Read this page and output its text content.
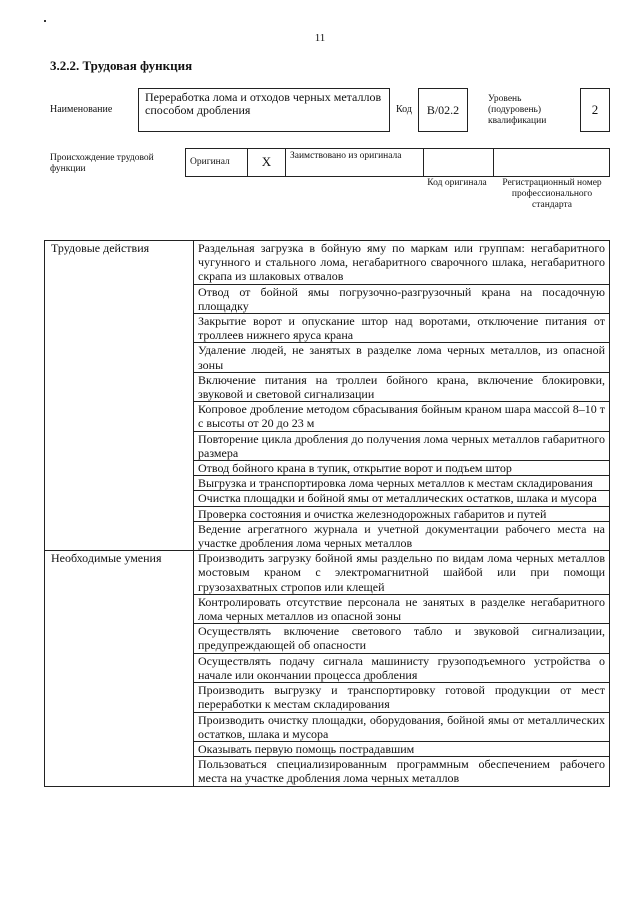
11
3.2.2. Трудовая функция
Наименование
Переработка лома и отходов черных металлов способом дробления	Код	B/02.2
Уровень (подуровень) квалификации
2
Происхождение трудовой функции
Оригинал	X	Заимствовано из оригинала		
Код оригинала	Регистрационный номер профессионального стандарта
Трудовые действия	Раздельная загрузка в бойную яму по маркам или группам: негабаритного чугунного и стального лома, негабаритного сварочного шлака, негабаритного скрапа из шлаковых отвалов
	Отвод от бойной ямы погрузочно-разгрузочный крана на посадочную площадку
	Закрытие ворот и опускание штор над воротами, отключение питания от троллеев нижнего яруса крана
	Удаление людей, не занятых в разделке лома черных металлов, из опасной зоны
	Включение питания на троллеи бойного крана, включение блокировки, звуковой и световой сигнализации
	Копровое дробление методом сбрасывания бойным краном шара массой 8–10 т с высоты от 20 до 23 м
	Повторение цикла дробления до получения лома черных металлов габаритного размера
	Отвод бойного крана в тупик, открытие ворот и подъем штор
	Выгрузка и транспортировка лома черных металлов к местам складирования
	Очистка площадки и бойной ямы от металлических остатков, шлака и мусора
	Проверка состояния и очистка железнодорожных габаритов и путей
	Ведение агрегатного журнала и учетной документации рабочего места на участке дробления лома черных металлов
Необходимые умения	Производить загрузку бойной ямы раздельно по видам лома черных металлов мостовым краном с электромагнитной шайбой или при помощи грузозахватных стропов или клещей
	Контролировать отсутствие персонала не занятых в разделке негабаритного лома черных металлов из опасной зоны
	Осуществлять включение светового табло и звуковой сигнализации, предупреждающей об опасности
	Осуществлять подачу сигнала машинисту грузоподъемного устройства о начале или окончании процесса дробления
	Производить выгрузку и транспортировку готовой продукции от мест переработки к местам складирования
	Производить очистку площадки, оборудования, бойной ямы от металлических остатков, шлака и мусора
	Оказывать первую помощь пострадавшим
	Пользоваться специализированным программным обеспечением рабочего места на участке дробления лома черных металлов
